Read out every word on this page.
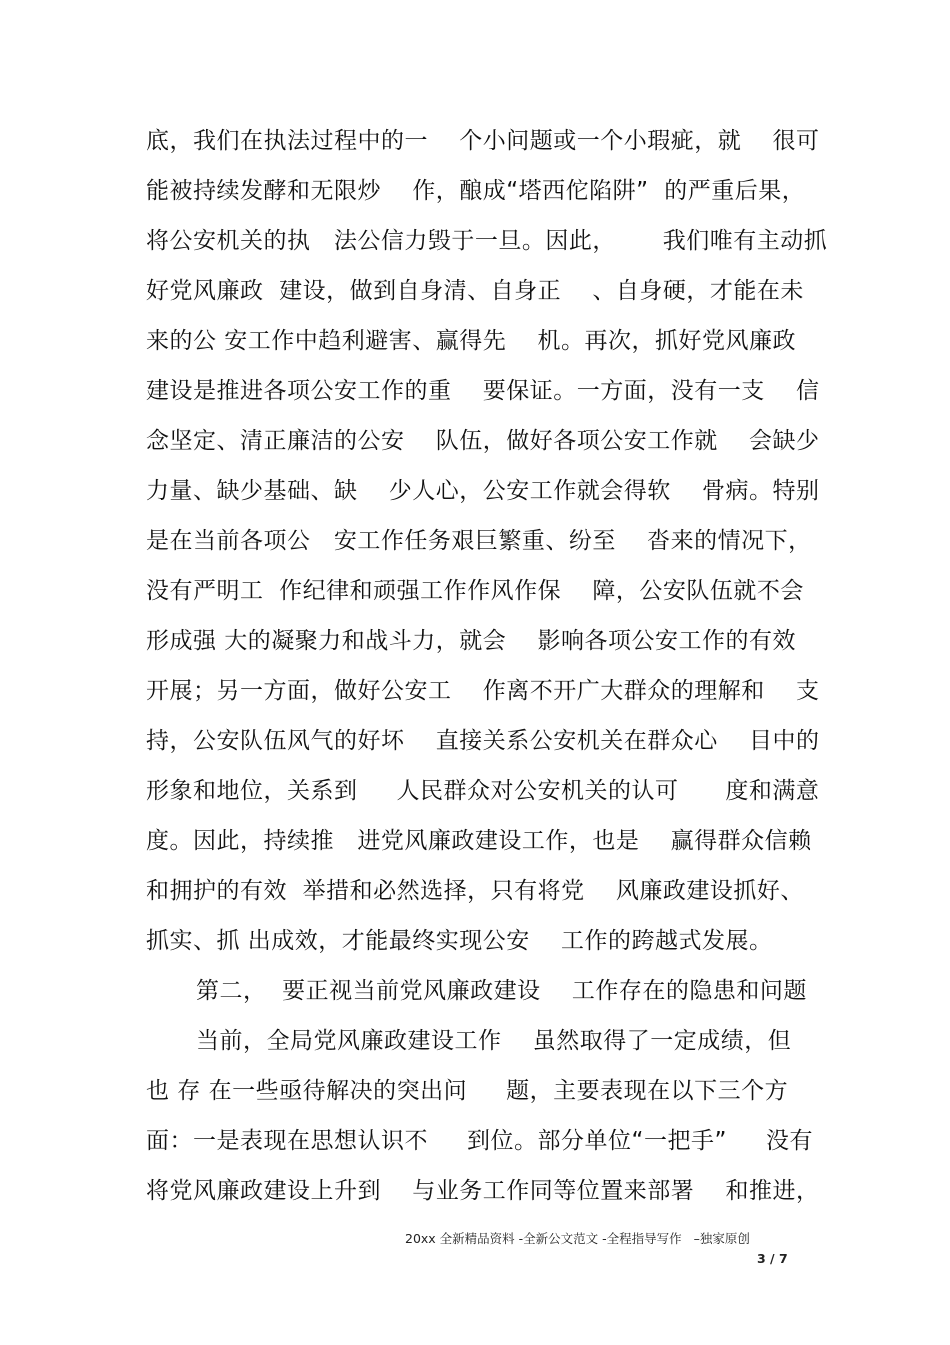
底，我们在执法过程中的一    个小问题或一个小瑕疵，就    很可
能被持续发酵和无限炒    作，酿成“塔西佗陷阱”  的严重后果，
将公安机关的执   法公信力毁于一旦。因此，      我们唯有主动抓
好党风廉政  建设，做到自身清、自身正    、自身硬，才能在未
来的公 安工作中趋利避害、赢得先    机。再次，抓好党风廉政
建设是推进各项公安工作的重    要保证。一方面，没有一支    信
念坚定、清正廉洁的公安    队伍，做好各项公安工作就    会缺少
力量、缺少基础、缺    少人心，公安工作就会得软    骨病。特别
是在当前各项公   安工作任务艰巨繁重、纷至    沓来的情况下，
没有严明工  作纪律和顽强工作作风作保    障，公安队伍就不会
形成强 大的凝聚力和战斗力，就会    影响各项公安工作的有效
开展；另一方面，做好公安工    作离不开广大群众的理解和    支
持，公安队伍风气的好坏    直接关系公安机关在群众心    目中的
形象和地位，关系到     人民群众对公安机关的认可      度和满意
度。因此，持续推   进党风廉政建设工作，也是    赢得群众信赖
和拥护的有效  举措和必然选择，只有将党    风廉政建设抓好、
抓实、抓 出成效，才能最终实现公安    工作的跨越式发展。
第二，  要正视当前党风廉政建设    工作存在的隐患和问题
当前，全局党风廉政建设工作    虽然取得了一定成绩，但
也 存 在一些亟待解决的突出问     题，主要表现在以下三个方
面：一是表现在思想认识不     到位。部分单位“一把手”     没有
将党风廉政建设上升到    与业务工作同等位置来部署    和推进，
20xx 全新精品资料 -全新公文范文 -全程指导写作   –独家原创
3 / 7
